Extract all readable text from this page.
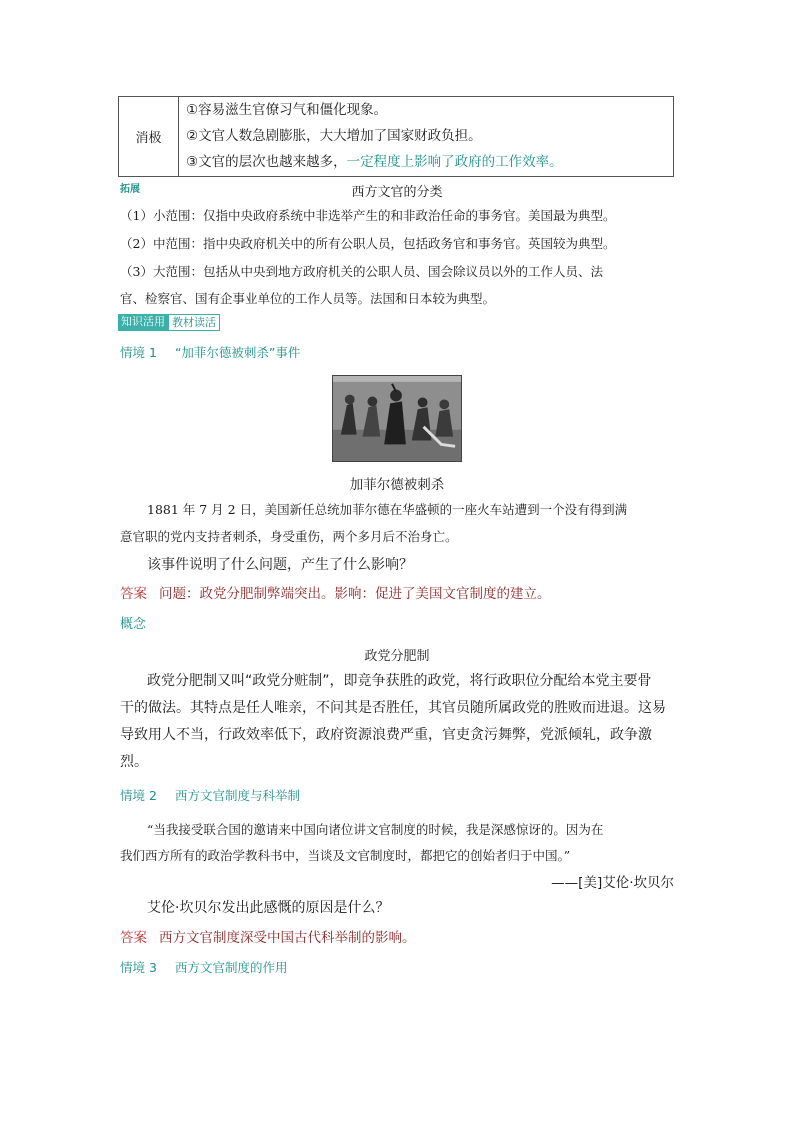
消极
①容易滋生官僚习气和僵化现象。
②文官人数急剧膨胀，大大增加了国家财政负担。
③文官的层次也越来越多，一定程度上影响了政府的工作效率。
拓展	西方文官的分类
（1）小范围：仅指中央政府系统中非选举产生的和非政治任命的事务官。美国最为典型。
（2）中范围：指中央政府机关中的所有公职人员，包括政务官和事务官。英国较为典型。
（3）大范围：包括从中央到地方政府机关的公职人员、国会除议员以外的工作人员、法
官、检察官、国有企事业单位的工作人员等。法国和日本较为典型。
知识活用 教材读活
情境 1 “加菲尔德被刺杀”事件
加菲尔德被刺杀
1881 年 7 月 2 日，美国新任总统加菲尔德在华盛顿的一座火车站遭到一个没有得到满
意官职的党内支持者刺杀，身受重伤，两个多月后不治身亡。
该事件说明了什么问题，产生了什么影响？
答案 问题：政党分肥制弊端突出。影响：促进了美国文官制度的建立。
概念
政党分肥制
政党分肥制又叫“政党分赃制”，即竞争获胜的政党，将行政职位分配给本党主要骨
干的做法。其特点是任人唯亲，不问其是否胜任，其官员随所属政党的胜败而进退。这易
导致用人不当，行政效率低下，政府资源浪费严重，官吏贪污舞弊，党派倾轧，政争激
烈。
情境 2 西方文官制度与科举制
“当我接受联合国的邀请来中国向诸位讲文官制度的时候，我是深感惊讶的。因为在
我们西方所有的政治学教科书中，当谈及文官制度时，都把它的创始者归于中国。”
——[美]艾伦·坎贝尔
艾伦·坎贝尔发出此感慨的原因是什么？
答案 西方文官制度深受中国古代科举制的影响。
情境 3 西方文官制度的作用
